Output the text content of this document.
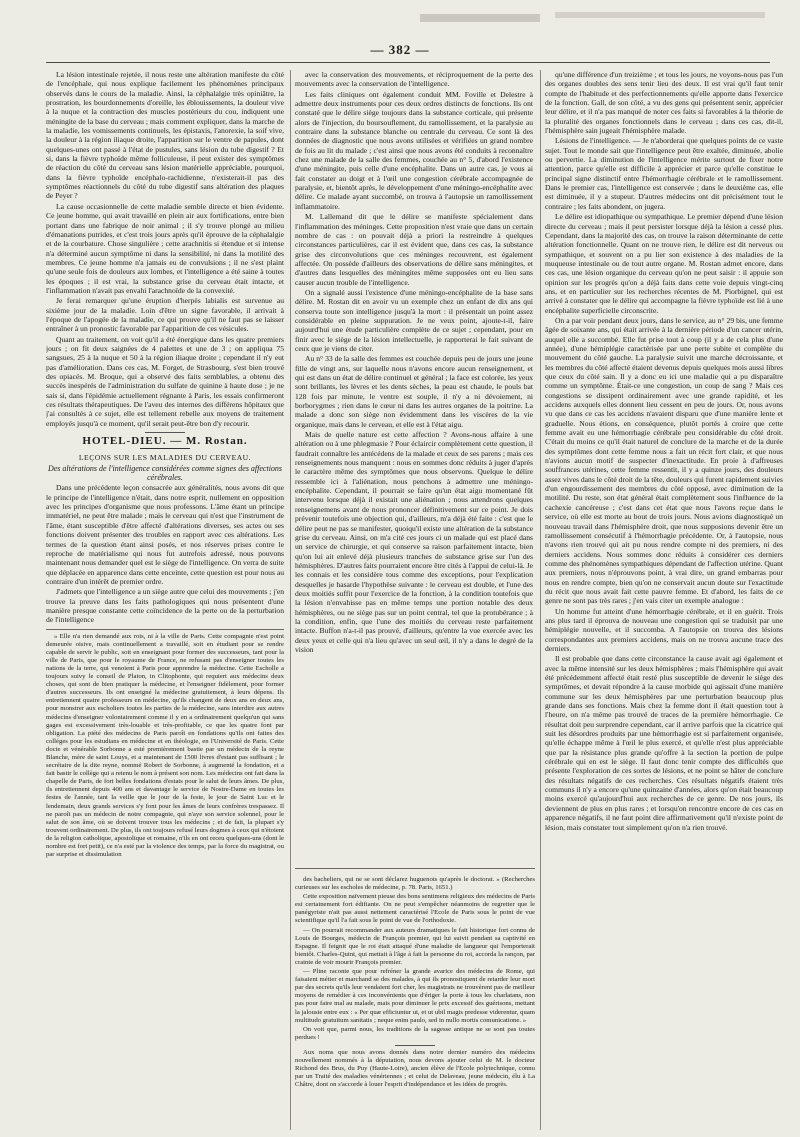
— 382 —

La lésion intestinale rejetée, il nous reste une altération manifeste du côté de l'encéphale, qui nous explique facilement les phénomènes principaux observés dans le cours de la maladie. Ainsi, la céphalalgie très opiniâtre, la prostration, les bourdonnements d'oreille, les éblouissements, la douleur vive à la nuque et la contraction des muscles postérieurs du cou, indiquent une méningite de la base du cerveau ; mais comment expliquer, dans la marche de la maladie, les vomissements continuels, les épistaxis, l'anorexie, la soif vive, la douleur à la région iliaque droite, l'apparition sur le ventre de papules, dont quelques-unes ont passé à l'état de pustules, sans lésion du tube digestif ? Et si, dans la fièvre typhoïde même folliculeuse, il peut exister des symptômes de réaction du côté du cerveau sans lésion matérielle appréciable, pourquoi, dans la fièvre typhoïde encéphalo-rachidienne, n'existerait-il pas des symptômes réactionnels du côté du tube digestif sans altération des plaques de Peyer ?

La cause occasionnelle de cette maladie semble directe et bien évidente. Ce jeune homme, qui avait travaillé en plein air aux fortifications, entre bien portant dans une fabrique de noir animal ; il s'y trouve plongé au milieu d'émanations putrides, et c'est trois jours après qu'il éprouve de la céphalalgie et de la courbature. Chose singulière ; cette arachnitis si étendue et si intense n'a déterminé aucun symptôme ni dans la sensibilité, ni dans la motilité des membres. Ce jeune homme n'a jamais eu de convulsions ; il ne s'est plaint qu'une seule fois de douleurs aux lombes, et l'intelligence a été saine à toutes les époques ; il est vrai, la substance grise du cerveau était intacte, et l'inflammation n'avait pas envahi l'arachnoïde de la convexité.

Je ferai remarquer qu'une éruption d'herpès labialis est survenue au sixième jour de la maladie. Loin d'être un signe favorable, il arrivait à l'époque de l'apogée de la maladie, ce qui prouve qu'il ne faut pas se laisser entraîner à un pronostic favorable par l'apparition de ces vésicules.

Quant au traitement, on voit qu'il a été énergique dans les quatre premiers jours ; on fit deux saignées de 4 palettes et une de 3 ; on appliqua 75 sangsues, 25 à la nuque et 50 à la région iliaque droite ; cependant il n'y eut pas d'amélioration. Dans ces cas, M. Forget, de Strasbourg, s'est bien trouvé des opiacés. M. Broque, qui a observé des faits semblables, a obtenu des succès inespérés de l'administration du sulfate de quinine à haute dose ; je ne sais si, dans l'épidémie actuellement régnante à Paris, les essais confirmeront ces résultats thérapeutiques. De l'aveu des internes des différens hôpitaux que j'ai consultés à ce sujet, elle est tellement rebelle aux moyens de traitement employés jusqu'à ce moment, qu'il serait peut-être bon d'y recourir.

HOTEL-DIEU. — M. Rostan.

LEÇONS SUR LES MALADIES DU CERVEAU.

Des altérations de l'intelligence considérées comme signes des affections cérébrales.

Dans une précédente leçon consacrée aux généralités, nous avons dit que le principe de l'intelligence n'était, dans notre esprit, nullement en opposition avec les principes d'organisme que nous professons. L'âme étant un principe immatériel, ne peut être malade ; mais le cerveau qui n'est que l'instrument de l'âme, étant susceptible d'être affecté d'altérations diverses, ses actes ou ses fonctions doivent présenter des troubles en rapport avec ces altérations. Les termes de la question étant ainsi posés, et nos réserves prises contre le reproche de matérialisme qui nous fut autrefois adressé, nous pouvons maintenant nous demander quel est le siège de l'intelligence. On verra de suite que déplacée en apparence dans cette enceinte, cette question est pour nous au contraire d'un intérêt de premier ordre.

J'admets que l'intelligence a un siège autre que celui des mouvements ; j'en trouve la preuve dans les faits pathologiques qui nous présentent d'une manière presque constante cette coïncidence de la perte ou de la perturbation de l'intelligence

» Elle n'a rien demandé aux rois, ni à la ville de Paris. Cette compagnie n'est point demeurée oisive, mais continuellement a travaillé, soit en étudiant pour se rendre capable de servir le public, soit en enseignant pour former des successeurs, tant pour la ville de Paris, que pour le royaume de France, ne refusant pas d'enseigner toutes les nations de la terre, qui venoient à Paris pour apprendre la médecine. Cette Escholle a toujours suivy le conseil de Platon, in Clitophonte, qui requiert aux médecins deux choses, qui sont de bien pratiquer la médecine, et l'enseigner fidèlement, pour former d'autres successeurs. Ils ont enseigné la médecine gratuitement, à leurs dépens. Ils entretiennent quatre professeurs en médecine, qu'ils changent de deux ans en deux ans, pour monstrer aux escholiers toutes les parties de la médecine, sans interdire aux autres médecins d'enseigner volontairement comme il y en a ordinairement quelqu'un qui sans gages est excessivement très-louable et très-profitable, ce que les quatre font par obligation. La piété des médecins de Paris paroît en fondations qu'ils ont faites des colléges pour les estudians en médecine et en théologie, en l'Université de Paris. Cette docte et vénérable Sorbonne a esté premièrement bastie par un médecin de la reyne Blanche, mère de saint Louys, et a maintenant de 1500 livres d'estant pas suffisant ; le secrétaire de la dite reyne, nommé Robert de Sorbonne, à augmenté la fondation, et a fait bastir le collège qui a retenu le nom à présent son nom. Les médecins ont fait dans la chapelle de Paris, de fort belles fondations d'estats pour le salut de leurs âmes. De plus, ils entretiennent depuis 400 ans et davantage le service de Nostre-Dame en toutes les festes de l'année, tant la veille que le jour de la feste, le jour de Saint Luc et le lendemain, deux grands services s'y font pour les âmes de leurs confrères trespassez. Il ne paroît pas un médecin de notre compagnie, qui n'aye son service solennel, pour le salut de son âme, où se doivent trouver tous les médecins ; et de fait, la plupart s'y trouvent ordinairement. De plus, ils ont toujours refusé leurs dogmes à ceux qui n'étoient de la religion catholique, apostolique et romaine, n'ils en ont receu quelques-uns (dont le nombre est fort petit), ce n'a esté par la violence des temps, par la force du magistrat, ou par surprise et dissimulation

avec la conservation des mouvements, et réciproquement de la perte des mouvements avec la conservation de l'intelligence.

Les faits cliniques ont également conduit MM. Foville et Delestre à admettre deux instruments pour ces deux ordres distincts de fonctions. Ils ont constaté que le délire siège toujours dans la substance corticale, qui présente alors de l'injection, du boursouflement, du ramollissement, et la paralysie au contraire dans la substance blanche ou centrale du cerveau. Ce sont là des données de diagnostic que nous avons utilisées et vérifiées un grand nombre de fois au lit du malade ; c'est ainsi que nous avons été conduits à reconnaître chez une malade de la salle des femmes, couchée au n° 5, d'abord l'existence d'une méningite, puis celle d'une encéphalite. Dans un autre cas, je vous ai fait constater au doigt et à l'œil une congestion cérébrale accompagnée de paralysie, et, bientôt après, le développement d'une méningo-encéphalite avec délire. Ce malade ayant succombé, on trouva à l'autopsie un ramollissement inflammatoire.

M. Lallemand dit que le délire se manifeste spécialement dans l'inflammation des méninges. Cette proposition n'est vraie que dans un certain nombre de cas : on pouvait déjà a priori la restreindre à quelques circonstances particulières, car il est évident que, dans ces cas, la substance grise des circonvolutions que ces méninges recouvrent, est également affectée. On possède d'ailleurs des observations de délire sans méningites, et d'autres dans lesquelles des méningites même supposées ont eu lieu sans causer aucun trouble de l'intelligence.

On a signalé aussi l'existence d'une méningo-encéphalite de la base sans délire. M. Rostan dit en avoir vu un exemple chez un enfant de dix ans qui conserva toute son intelligence jusqu'à la mort : il présentait un point assez considérable en pleine suppuration. Je ne veux point, ajoute-t-il, faire aujourd'hui une étude particulière complète de ce sujet ; cependant, pour en finir avec le siège de la lésion intellectuelle, je rapporterai le fait suivant de ceux que je viens de citer.

Au n° 33 de la salle des femmes est couchée depuis peu de jours une jeune fille de vingt ans, sur laquelle nous n'avons encore aucun renseignement, et qui est dans un état de délire continuel et général ; la face est colorée, les yeux sont brillants, les lèvres et les dents sèches, la peau est chaude, le pouls bat 128 fois par minute, le ventre est souple, il n'y a ni dévoiement, ni borborygmes ; rien dans le cœur ni dans les autres organes de la poitrine. La malade a donc son siège non évidemment dans les viscères de la vie organique, mais dans le cerveau, et elle est à l'état aigu.

Mais de quelle nature est cette affection ? Avons-nous affaire à une altération ou à une phlegmasie ? Pour éclaircir complètement cette question, il faudrait connaître les antécédens de la malade et ceux de ses parens ; mais ces renseignements nous manquent : nous en sommes donc réduits à juger d'après le caractère même des symptômes que nous observons. Quelque le délire ressemble ici à l'aliénation, nous penchons à admettre une méningo-encéphalite. Cependant, il pourrait se faire qu'un état aigu momentané fût intervenu lorsque déjà il existait une aliénation ; nous attendrons quelques renseignemens avant de nous prononcer définitivement sur ce point. Je dois prévenir toutefois une objection qui, d'ailleurs, m'a déjà été faite : c'est que le délire peut ne pas se manifester, quoiqu'il existe une altération de la substance grise du cerveau. Ainsi, on m'a cité ces jours ci un malade qui est placé dans un service de chirurgie, et qui conserve sa raison parfaitement intacte, bien qu'on lui ait enlevé déjà plusieurs tranches de substance grise sur l'un des hémisphères. D'autres faits pourraient encore être cités à l'appui de celui-là. Je les connais et les considère tous comme des exceptions, pour l'explication desquelles je hasarde l'hypothèse suivante : le cerveau est double, et l'une des deux moitiés suffit pour l'exercice de la fonction, à la condition toutefois que la lésion n'envahisse pas en même temps une portion notable des deux hémisphères, ou ne siège pas sur un point central, tel que la protubérance ; à la condition, enfin, que l'une des moitiés du cerveau reste parfaitement intacte. Buffon n'a-t-il pas prouvé, d'ailleurs, qu'entre la vue exercée avec les deux yeux et celle qui n'a lieu qu'avec un seul œil, il n'y a dans le degré de la vision

des bacheliers, qui ne se sont déclarez huguenots qu'après le doctorat. » (Recherches curieuses sur les escholes de médecine, p. 78. Paris, 1651.)

Cette exposition naïvement pieuse des bons sentimens religieux des médecins de Paris est certainement fort édifiante. On ne peut s'empêcher néanmoins de regretter que le panégyriste n'ait pas aussi nettement caractérisé l'Ecole de Paris sous le point de vue scientifique qu'il l'a fait sous le point de vue de l'orthodoxie.

— On pourrait recommander aux auteurs dramatiques le fait historique fort connu de Louis de Bourges, médecin de François premier, qui lui suivit pendant sa captivité en Espagne. Il feignit que le roi était attaqué d'une maladie de langueur qui l'emporterait bientôt. Charles-Quint, qui mettait à l'âge à fait la personne du roi, accorda la rançon, par crainte de voir mourir François premier.

— Pline raconte que pour refréner la grande avarice des médecins de Rome, qui faisaient métier et marchand se des malades, à qui ils pronostiquent de retarder leur mort par des secrets qu'ils leur vendaient fort cher, les magistrats ne trouvèrent pas de meilleur moyens de remédier à ces inconvénients que d'ériger la porte à tous les charlatans, non pas pour faire mal au malade, mais pour diminuer le prix excessif des guérisons, mettant la jalousie entre eux : « Per quæ efficiuntur ut, et ut ubil magis predesse viderentur, quam multitudo gratuitum sanitatis ; neque enim paulo, sed in nullo mortis comunicatione. »

On voit que, parmi nous, les traditions de la sagesse antique ne se sont pas toutes perdues !

Aux noms que nous avons donnés dans notre dernier numéro des médecins nouvellement nommés à la députation, nous devons ajouter celui de M. le docteur Richond des Brus, du Puy (Haute-Loire), ancien élève de l'Ecole polytechnique, connu par un Traité des maladies vénériennes ; et celui de Delaveau, jeune médecin, élu à La Châtre, dont on s'accorde à louer l'esprit d'indépendance et les idées de progrès.

qu'une différence d'un treizième ; et tous les jours, ne voyons-nous pas l'un des organes doubles des sens tenir lieu des deux. Il est vrai qu'il faut tenir compte de l'habitude et des perfectionnements qu'elle apporte dans l'exercice de la fonction. Gall, de son côté, a vu des gens qui présentent senir, apprécier leur délire, et il n'a pas manqué de noter ces faits si favorables à la théorie de la pluralité des organes fonctionnels dans le cerveau ; dans ces cas, dit-il, l'hémisphère sain jugeait l'hémisphère malade.

Lésions de l'intelligence. — Je n'aborderai que quelques points de ce vaste sujet. Tout le monde sait que l'intelligence peut être exaltée, diminuée, abolie ou pervertie. La diminution de l'intelligence mérite surtout de fixer notre attention, parce qu'elle est difficile à apprécier et parce qu'elle constitue le principal signe distinctif entre l'hémorrhagie cérébrale et le ramollissement. Dans le premier cas, l'intelligence est conservée ; dans le deuxième cas, elle est diminuée, il y a stupeur. D'autres médecins ont dit précisément tout le contraire ; les faits abondent, on jugera.

Le délire est idiopathique ou sympathique. Le premier dépend d'une lésion directe du cerveau ; mais il peut persister lorsque déjà la lésion a cessé plus. Cependant, dans la majorité des cas, on trouve la raison déterminante de cette altération fonctionnelle. Quant on ne trouve rien, le délire est dit nerveux ou sympathique, et souvent on a pu lier son existence à des maladies de la muqueuse intestinale ou de tout autre organe. M. Rostan admet encore, dans ces cas, une lésion organique du cerveau qu'on ne peut saisir : il appuie son opinion sur les progrès qu'on a déjà faits dans cette voie depuis vingt-cinq ans, et en particulier sur les recherches récentes de M. Piorbignel, qui est arrivé à constater que le délire qui accompagne la fièvre typhoïde est lié à une encéphalite superficielle circonscrite.

On a par voir pendant deux jours, dans le service, au n° 29 bis, une femme âgée de soixante ans, qui était arrivée à la dernière période d'un cancer utérin, auquel elle a succombé. Elle fut prise tout à coup (il y a de cela plus d'une année), d'une hémiplégie caractérisée par une perte subite et complète du mouvement du côté gauche. La paralysie suivit une marche décroissante, et les membres du côté affecté étaient devenus depuis quelques mois aussi libres que ceux du côté sain. Il y a donc eu ici une maladie qui a pu disparaître comme un symptôme. Était-ce une congestion, un coup de sang ? Mais ces congestions se dissipent ordinairement avec une grande rapidité, et les accidens auxquels elles donnent lieu cessent en peu de jours. Or, nous avons vu que dans ce cas les accidens n'avaient disparu que d'une manière lente et graduelle. Nous étions, en conséquence, plutôt portés à croire que cette femme avait eu une hémorrhagie cérébrale peu considérable du côté droit. C'était du moins ce qu'il était naturel de conclure de la marche et de la durée des symptômes dont cette femme nous a fait un récit fort clair, et que nous n'avions aucun motif de suspecter d'inexactitude. En proie à d'affreuses souffrances utérines, cette femme ressentit, il y a quinze jours, des douleurs assez vives dans le côté droit de la tête, douleurs qui furent rapidement suivies d'un engourdissement des membres du côté opposé, avec diminution de la motilité. Du reste, son état général était complètement sous l'influence de la cachexie cancéreuse ; c'est dans cet état que nous l'avons reçue dans le service, où elle est morte au bout de trois jours. Nous avions diagnostiqué un nouveau travail dans l'hémisphère droit, que nous supposions devenir être un ramollissement consécutif à l'hémorrhagie précédente. Or, à l'autopsie, nous n'avons rien trouvé qui ait pu nous rendre compte ni des premiers, ni des derniers accidens. Nous sommes donc réduits à considérer ces derniers comme des phénomènes sympathiques dépendant de l'affection utérine. Quant aux premiers, nous n'éprouvons point, à vrai dire, un grand embarras pour nous en rendre compte, bien qu'on ne conservait aucun doute sur l'exactitude du récit que nous avait fait cette pauvre femme. Et d'abord, les faits de ce genre ne sont pas très rares ; j'en vais citer un exemple analogue :

Un homme fut atteint d'une hémorrhagie cérébrale, et il en guérit. Trois ans plus tard il éprouva de nouveau une congestion qui se traduisit par une hémiplégie nouvelle, et il succomba. A l'autopsie on trouva des lésions correspondantes aux premiers accidens, mais on ne trouva aucune trace des derniers.

Il est probable que dans cette circonstance la cause avait agi également et avec la même intensité sur les deux hémisphères ; mais l'hémisphère qui avait été précédemment affecté était resté plus susceptible de devenir le siège des symptômes, et devait répondre à la cause morbide qui agissait d'une manière commune sur les deux hémisphères par une perturbation beaucoup plus grande dans ses fonctions. Mais chez la femme dont il était question tout à l'heure, on n'a même pas trouvé de traces de la première hémorrhagie. Ce résultat doit peu surprendre cependant, car il arrive parfois que la cicatrice qui suit les désordres produits par une hémorrhagie est si parfaitement organisée, qu'elle échappe même à l'œil le plus exercé, et qu'elle n'est plus appréciable que par la résistance plus grande qu'offre à la section la portion de pulpe cérébrale qui en est le siège. Il faut donc tenir compte des difficultés que présente l'exploration de ces sortes de lésions, et ne point se hâter de conclure des résultats négatifs de ces recherches. Ces résultats négatifs étaient très communs il n'y a encore qu'une quinzaine d'années, alors qu'on était beaucoup moins exercé qu'aujourd'hui aux recherches de ce genre. De nos jours, ils deviennent de plus en plus rares ; et lorsqu'on rencontre encore de ces cas en apparence négatifs, il ne faut point dire affirmativement qu'il n'existe point de lésion, mais constater tout simplement qu'on n'a rien trouvé.
